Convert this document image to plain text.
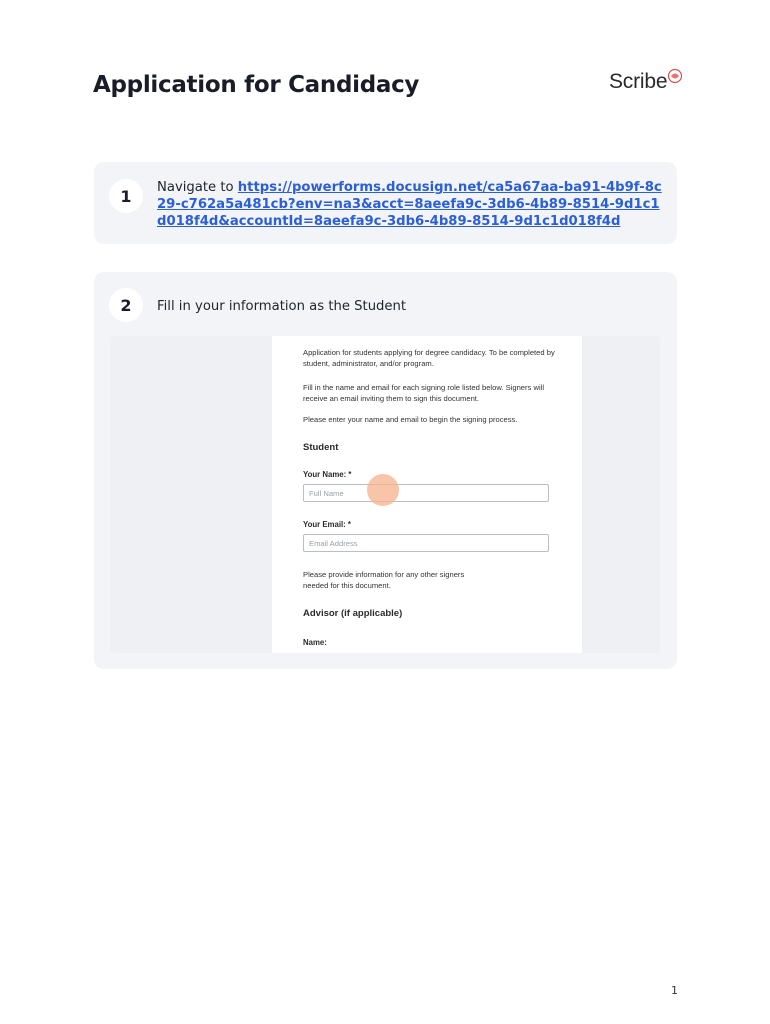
Application for Candidacy	Scribe
1	Navigate to https://powerforms.docusign.net/ca5a67aa-ba91-4b9f-8c29-c762a5a481cb?env=na3&acct=8aeefa9c-3db6-4b89-8514-9d1c1d018f4d&accountId=8aeefa9c-3db6-4b89-8514-9d1c1d018f4d
2	Fill in your information as the Student

Application for students applying for degree candidacy. To be completed by student, administrator, and/or program.

Fill in the name and email for each signing role listed below. Signers will receive an email inviting them to sign this document.

Please enter your name and email to begin the signing process.

Student

Your Name: *

Full Name

Your Email: *

Email Address

Please provide information for any other signers needed for this document.

Advisor (if applicable)

Name:

1
